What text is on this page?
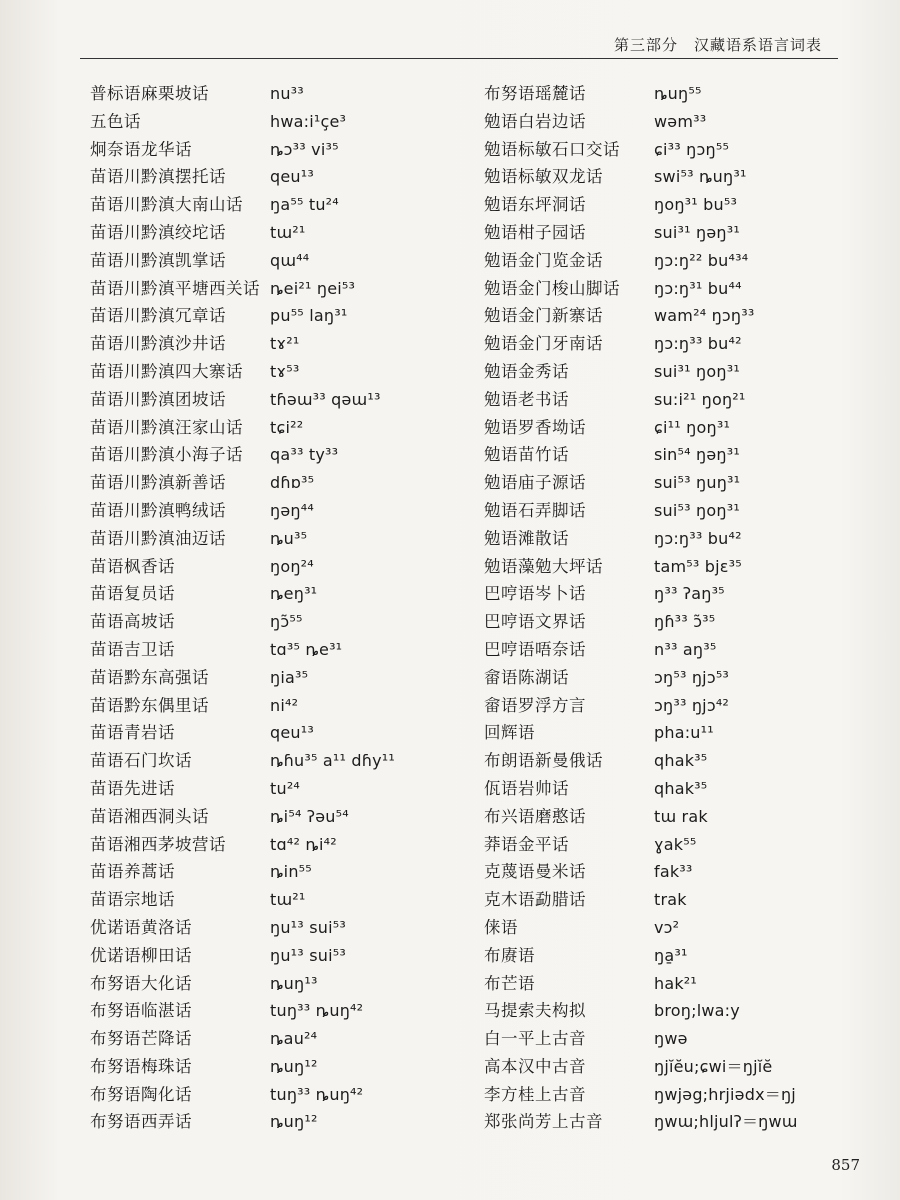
第三部分　汉藏语系语言词表
普标语麻栗坡话	nu³³
五色话	hwa:i¹çe³
炯奈语龙华话	ȵɔ³³ vi³⁵
苗语川黔滇摆托话	qeu¹³
苗语川黔滇大南山话	ŋa⁵⁵ tu²⁴
苗语川黔滇绞坨话	tɯ²¹
苗语川黔滇凯掌话	qɯ⁴⁴
苗语川黔滇平塘西关话 ȵei²¹ ŋei⁵³
苗语川黔滇冗章话	pu⁵⁵ laŋ³¹
苗语川黔滇沙井话	tɤ²¹
苗语川黔滇四大寨话	tɤ⁵³
苗语川黔滇团坡话	tɦəɯ³³ qəɯ¹³
苗语川黔滇汪家山话	tɕi²²
苗语川黔滇小海子话	qa³³ ty³³
苗语川黔滇新善话	dɦɒ³⁵
苗语川黔滇鸭绒话	ŋəŋ⁴⁴
苗语川黔滇油迈话	ȵu³⁵
苗语枫香话	ŋoŋ²⁴
苗语复员话	ȵeŋ³¹
苗语高坡话	ŋɔ̃⁵⁵
苗语吉卫话	tɑ³⁵ ȵe³¹
苗语黔东高强话	ŋia³⁵
苗语黔东偶里话	ni⁴²
苗语青岩话	qeu¹³
苗语石门坎话	ȵɦu³⁵ a¹¹ dɦy¹¹
苗语先进话	tu²⁴
苗语湘西洞头话	ȵi⁵⁴ ʔəu⁵⁴
苗语湘西茅坡营话	tɑ⁴² ȵi⁴²
苗语养蒿话	ȵin⁵⁵
苗语宗地话	tɯ²¹
优诺语黄洛话	ŋu¹³ sui⁵³
优诺语柳田话	ŋu¹³ sui⁵³
布努语大化话	ȵuŋ¹³
布努语临湛话	tuŋ³³ ȵuŋ⁴²
布努语芒降话	ȵau²⁴
布努语梅珠话	ȵuŋ¹²
布努语陶化话	tuŋ³³ ȵuŋ⁴²
布努语西弄话	ȵuŋ¹²
布努语瑶麓话	ȵuŋ⁵⁵
勉语白岩边话	wəm³³
勉语标敏石口交话	ɕi³³ ŋɔŋ⁵⁵
勉语标敏双龙话	swi⁵³ ȵuŋ³¹
勉语东坪洞话	ŋoŋ³¹ bu⁵³
勉语柑子园话	sui³¹ ŋəŋ³¹
勉语金门览金话	ŋɔ:ŋ²² bu⁴³⁴
勉语金门梭山脚话	ŋɔ:ŋ³¹ bu⁴⁴
勉语金门新寨话	wam²⁴ ŋɔŋ³³
勉语金门牙南话	ŋɔ:ŋ³³ bu⁴²
勉语金秀话	sui³¹ ŋoŋ³¹
勉语老书话	su:i²¹ ŋoŋ²¹
勉语罗香坳话	ɕi¹¹ ŋoŋ³¹
勉语苗竹话	sin⁵⁴ ŋəŋ³¹
勉语庙子源话	sui⁵³ ŋuŋ³¹
勉语石弄脚话	sui⁵³ ŋoŋ³¹
勉语滩散话	ŋɔ:ŋ³³ bu⁴²
勉语藻勉大坪话	tam⁵³ bjɛ³⁵
巴哼语岑卜话	ŋ³³ ʔaŋ³⁵
巴哼语文界话	ŋɦ³³ ɔ̃³⁵
巴哼语唔奈话	n³³ aŋ³⁵
畲语陈湖话	ɔŋ⁵³ ŋjɔ⁵³
畲语罗浮方言	ɔŋ³³ ŋjɔ⁴²
回辉语	pha:u¹¹
布朗语新曼俄话	qhak³⁵
佤语岩帅话	qhak³⁵
布兴语磨憨话	tɯ rak
莽语金平话	ɣak⁵⁵
克蔑语曼米话	fak³³
克木语勐腊话	trak
俫语	vɔ²
布赓语	ŋa̱³¹
布芒语	hak²¹
马提索夫构拟	broŋ;lwa:y
白一平上古音	ŋwə
高本汉中古音	ŋjĭĕu;ɕwi＝ŋjĭĕ
李方桂上古音	ŋwjəg;hrjiədx＝ŋj
郑张尚芳上古音	ŋwɯ;hljulʔ＝ŋwɯ
857
